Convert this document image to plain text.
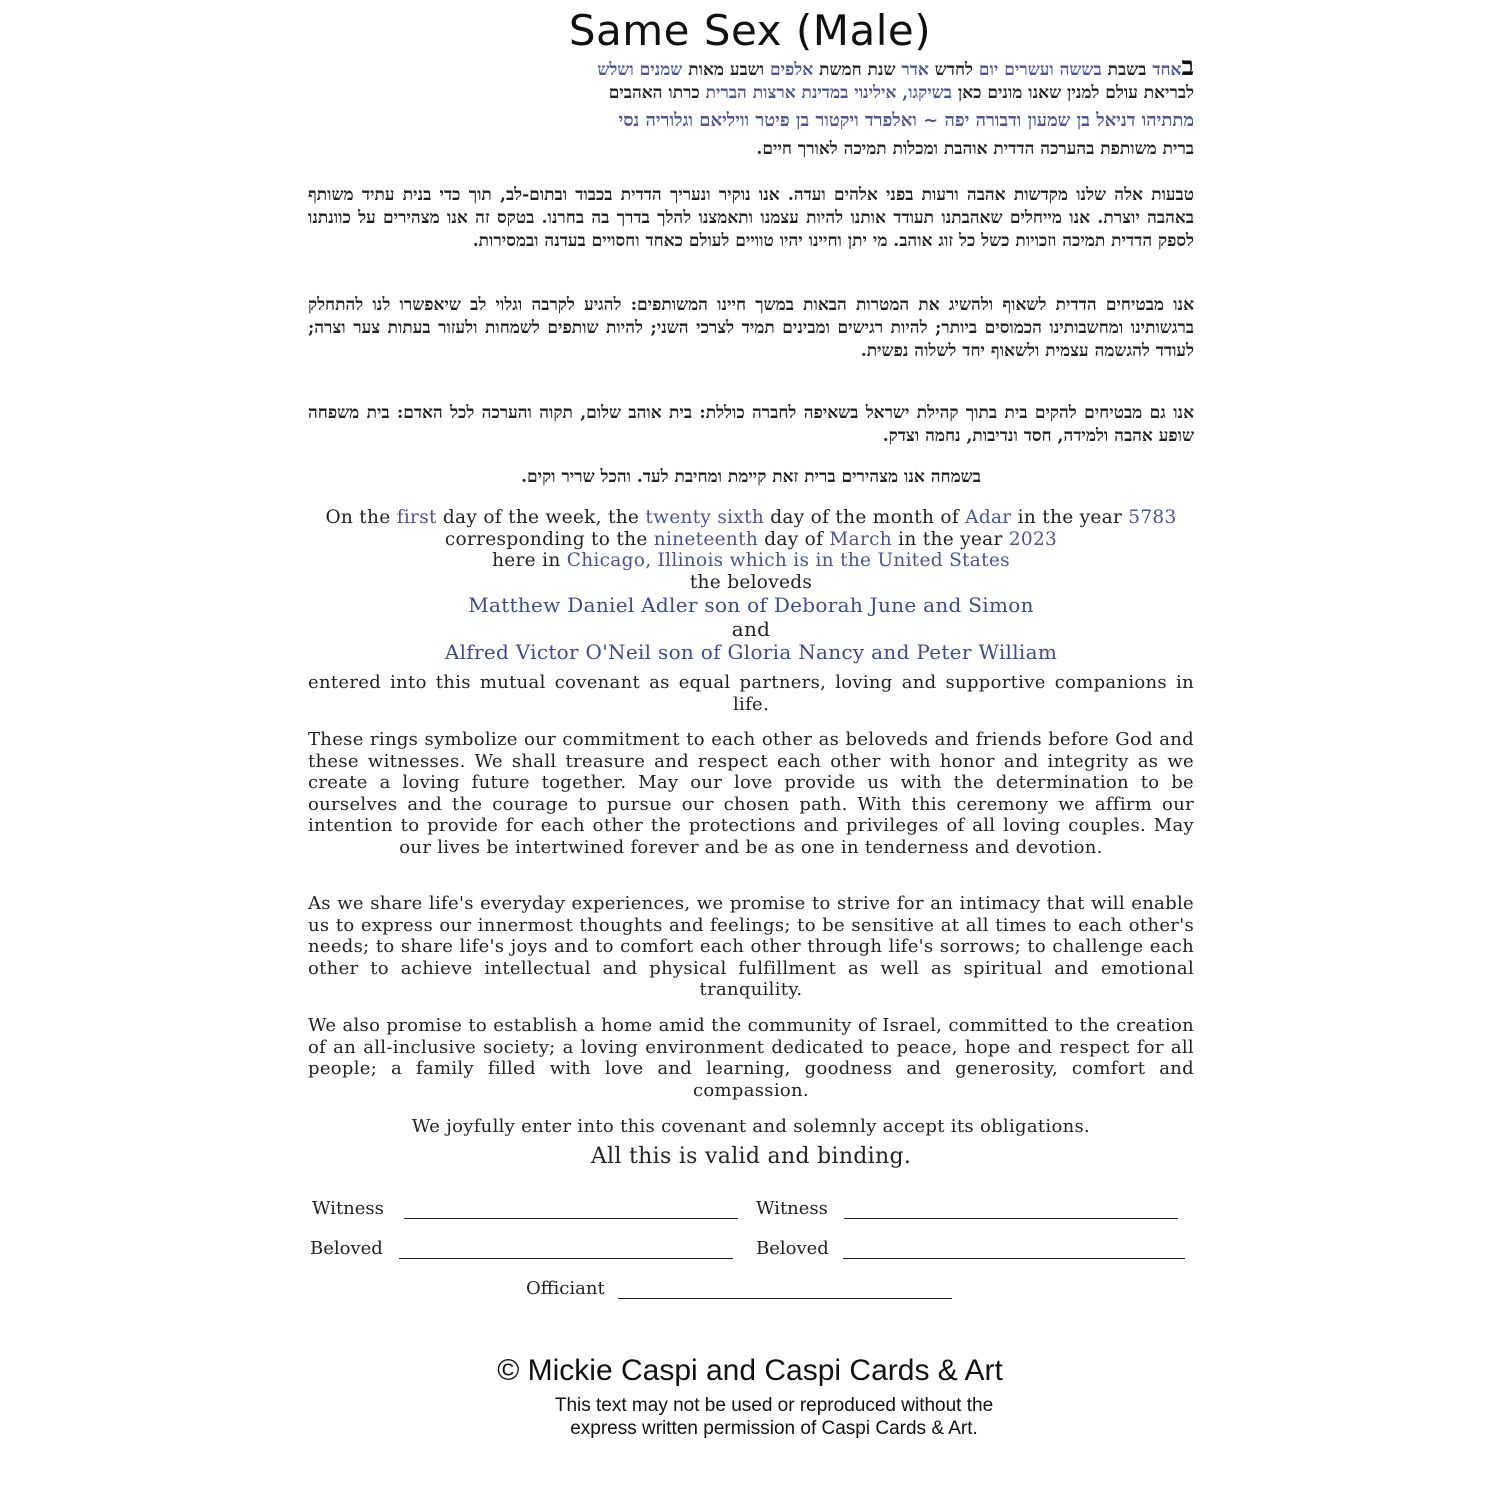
Same Sex (Male)
באחד בשבת בששה ועשרים יום לחדש אדר שנת חמשת אלפים ושבע מאות שמנים ושלש
לבריאת עולם למנין שאנו מונים כאן בשיקגו, אילינוי במדינת ארצות הברית כרתו האהבים
מתתיהו דניאל בן שמעון ודבורה יפה ~ ואלפרד ויקטור בן פיטר וויליאם וגלוריה נסי
ברית משותפת בהערכה הדדית אוהבת ומכלות תמיכה לאורך חיים.
טבעות אלה שלנו מקדשות אהבה ורעות בפני אלהים ועדה. אנו נוקיר ונעריך הדדית בכבוד ובתום-לב, תוך כדי בנית עתיד משותף באהבה יוצרת. אנו מייחלים שאהבתנו תעודד אותנו להיות עצמנו ותאמצנו להלך בדרך בה בחרנו. בטקס זה אנו מצהירים על כוונתנו לספק הדדית תמיכה וזכויות כשל כל זוג אוהב. מי יתן וחיינו יהיו טוויים לעולם כאחד וחסויים בעדנה ובמסירות.
אנו מבטיחים הדדית לשאוף ולהשיג את המטרות הבאות במשך חיינו המשותפים: להגיע לקרבה וגלוי לב שיאפשרו לנו להתחלק ברגשותינו ומחשבותינו הכמוסים ביותר; להיות רגישים ומבינים תמיד לצרכי השני; להיות שותפים לשמחות ולעזור בעתות צער וצרה; לעודד להגשמה עצמית ולשאוף יחד לשלוה נפשית.
אנו גם מבטיחים להקים בית בתוך קהילת ישראל בשאיפה לחברה כוללת: בית אוהב שלום, תקוה והערכה לכל האדם: בית משפחה שופע אהבה ולמידה, חסד ונדיבות, נחמה וצדק.
בשמחה אנו מצהירים ברית זאת קיימת ומחיבת לעד. והכל שריר וקים.
On the first day of the week, the twenty sixth day of the month of Adar in the year 5783 corresponding to the nineteenth day of March in the year 2023
here in Chicago, Illinois which is in the United States
the beloveds
Matthew Daniel Adler son of Deborah June and Simon
and
Alfred Victor O'Neil son of Gloria Nancy and Peter William
entered into this mutual covenant as equal partners, loving and supportive companions in life.
These rings symbolize our commitment to each other as beloveds and friends before God and these witnesses. We shall treasure and respect each other with honor and integrity as we create a loving future together. May our love provide us with the determination to be ourselves and the courage to pursue our chosen path. With this ceremony we affirm our intention to provide for each other the protections and privileges of all loving couples. May our lives be intertwined forever and be as one in tenderness and devotion.
As we share life's everyday experiences, we promise to strive for an intimacy that will enable us to express our innermost thoughts and feelings; to be sensitive at all times to each other's needs; to share life's joys and to comfort each other through life's sorrows; to challenge each other to achieve intellectual and physical fulfillment as well as spiritual and emotional tranquility.
We also promise to establish a home amid the community of Israel, committed to the creation of an all-inclusive society; a loving environment dedicated to peace, hope and respect for all people; a family filled with love and learning, goodness and generosity, comfort and compassion.
We joyfully enter into this covenant and solemnly accept its obligations.
All this is valid and binding.
Witness	Witness
Beloved	Beloved
Officiant
© Mickie Caspi and Caspi Cards & Art
This text may not be used or reproduced without the
express written permission of Caspi Cards & Art.
